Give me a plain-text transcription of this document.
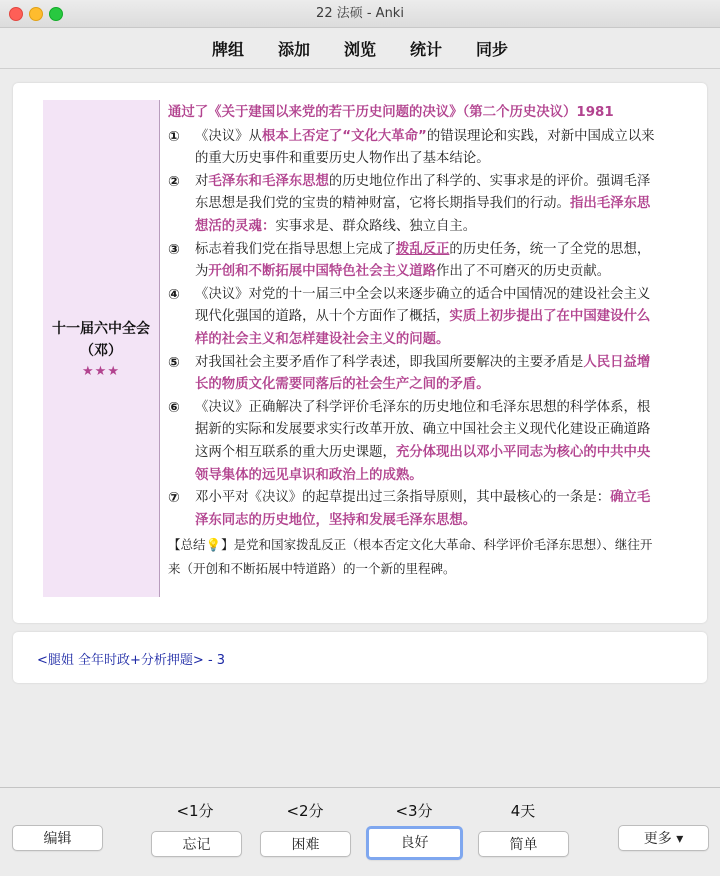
22 法硕 - Anki
牌组 添加 浏览 统计 同步
十一届六中全会
（邓）
★★★
通过了《关于建国以来党的若干历史问题的决议》（第二个历史决议）1981
①	《决议》从根本上否定了“文化大革命”的错误理论和实践，对新中国成立以来的重大历史事件和重要历史人物作出了基本结论。
②	对毛泽东和毛泽东思想的历史地位作出了科学的、实事求是的评价。强调毛泽东思想是我们党的宝贵的精神财富，它将长期指导我们的行动。指出毛泽东思想活的灵魂：实事求是、群众路线、独立自主。
③	标志着我们党在指导思想上完成了拨乱反正的历史任务，统一了全党的思想，为开创和不断拓展中国特色社会主义道路作出了不可磨灭的历史贡献。
④	《决议》对党的十一届三中全会以来逐步确立的适合中国情况的建设社会主义现代化强国的道路，从十个方面作了概括，实质上初步提出了在中国建设什么样的社会主义和怎样建设社会主义的问题。
⑤	对我国社会主要矛盾作了科学表述，即我国所要解决的主要矛盾是人民日益增长的物质文化需要同落后的社会生产之间的矛盾。
⑥	《决议》正确解决了科学评价毛泽东的历史地位和毛泽东思想的科学体系，根据新的实际和发展要求实行改革开放、确立中国社会主义现代化建设正确道路这两个相互联系的重大历史课题，充分体现出以邓小平同志为核心的中共中央领导集体的远见卓识和政治上的成熟。
⑦	邓小平对《决议》的起草提出过三条指导原则，其中最核心的一条是：确立毛泽东同志的历史地位，坚持和发展毛泽东思想。
【总结💡】是党和国家拨乱反正（根本否定文化大革命、科学评价毛泽东思想）、继往开来（开创和不断拓展中特道路）的一个新的里程碑。
<腿姐 全年时政+分析押题> - 3
<1分	<2分	<3分	4天
编辑	忘记	困难	良好	简单	更多 ▾
